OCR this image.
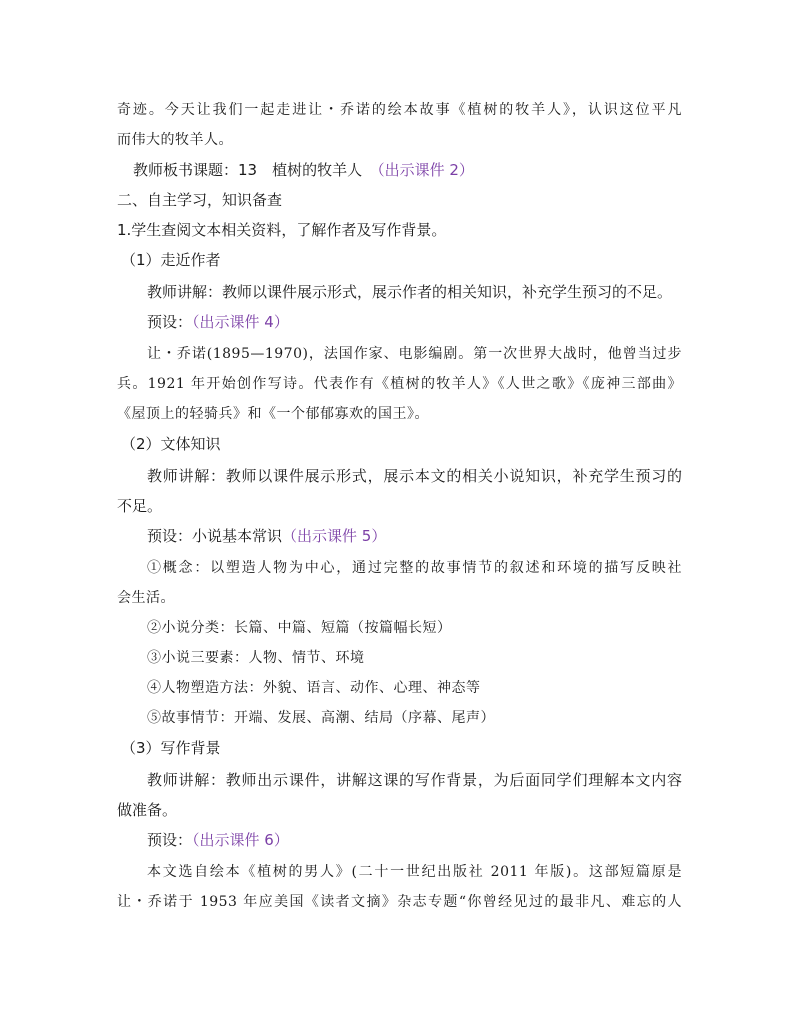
奇迹。今天让我们一起走进让・乔诺的绘本故事《植树的牧羊人》，认识这位平凡
而伟大的牧羊人。
教师板书课题：13　植树的牧羊人　（出示课件 2）
二、自主学习，知识备查
1.学生查阅文本相关资料，了解作者及写作背景。
（1）走近作者
教师讲解：教师以课件展示形式，展示作者的相关知识，补充学生预习的不足。
预设：（出示课件 4）
让・乔诺(1895—1970)，法国作家、电影编剧。第一次世界大战时，他曾当过步
兵。1921 年开始创作写诗。代表作有《植树的牧羊人》《人世之歌》《庞神三部曲》
《屋顶上的轻骑兵》和《一个郁郁寡欢的国王》。
（2）文体知识
教师讲解：教师以课件展示形式，展示本文的相关小说知识，补充学生预习的
不足。
预设：小说基本常识（出示课件 5）
①概念：以塑造人物为中心，通过完整的故事情节的叙述和环境的描写反映社
会生活。
②小说分类：长篇、中篇、短篇（按篇幅长短）
③小说三要素：人物、情节、环境
④人物塑造方法：外貌、语言、动作、心理、神态等
⑤故事情节：开端、发展、高潮、结局（序幕、尾声）
（3）写作背景
教师讲解：教师出示课件，讲解这课的写作背景，为后面同学们理解本文内容
做准备。
预设：（出示课件 6）
本文选自绘本《植树的男人》(二十一世纪出版社 2011 年版)。这部短篇原是
让・乔诺于 1953 年应美国《读者文摘》杂志专题“你曾经见过的最非凡、难忘的人
